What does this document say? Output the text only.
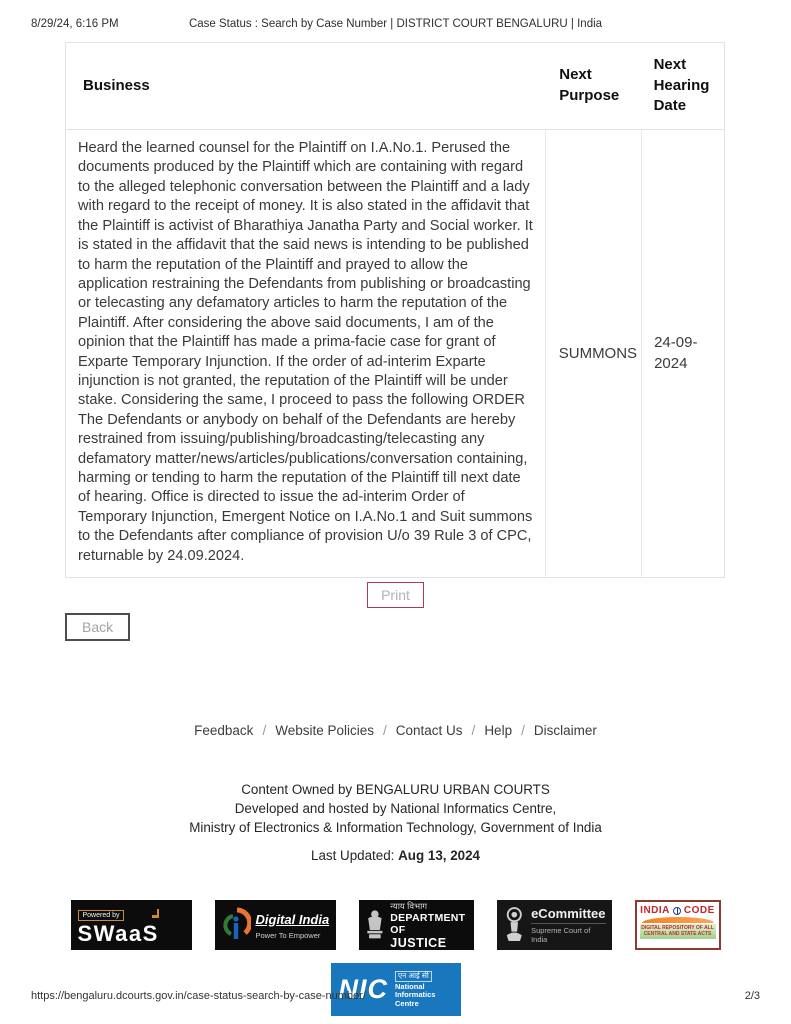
8/29/24, 6:16 PM	Case Status : Search by Case Number | DISTRICT COURT BENGALURU | India
Business	Next Purpose	Next Hearing Date
Heard the learned counsel for the Plaintiff on I.A.No.1. Perused the documents produced by the Plaintiff which are containing with regard to the alleged telephonic conversation between the Plaintiff and a lady with regard to the receipt of money. It is also stated in the affidavit that the Plaintiff is activist of Bharathiya Janatha Party and Social worker. It is stated in the affidavit that the said news is intending to be published to harm the reputation of the Plaintiff and prayed to allow the application restraining the Defendants from publishing or broadcasting or telecasting any defamatory articles to harm the reputation of the Plaintiff. After considering the above said documents, I am of the opinion that the Plaintiff has made a prima-facie case for grant of Exparte Temporary Injunction. If the order of ad-interim Exparte injunction is not granted, the reputation of the Plaintiff will be under stake. Considering the same, I proceed to pass the following ORDER The Defendants or anybody on behalf of the Defendants are hereby restrained from issuing/publishing/broadcasting/telecasting any defamatory matter/news/articles/publications/conversation containing, harming or tending to harm the reputation of the Plaintiff till next date of hearing. Office is directed to issue the ad-interim Order of Temporary Injunction, Emergent Notice on I.A.No.1 and Suit summons to the Defendants after compliance of provision U/o 39 Rule 3 of CPC, returnable by 24.09.2024.	SUMMONS	24-09-2024
Print
Back
Feedback / Website Policies / Contact Us / Help / Disclaimer
Content Owned by BENGALURU URBAN COURTS
Developed and hosted by National Informatics Centre,
Ministry of Electronics & Information Technology, Government of India
Last Updated: Aug 13, 2024
Powered by
SWaaS
Digital India
Power To Empower
न्याय विभाग
DEPARTMENT OF
JUSTICE
eCommittee
Supreme Court of India
INDIA CODE
DIGITAL REPOSITORY OF ALL
CENTRAL AND STATE ACTS
NIC	एन आई सी
National
Informatics
Centre
https://bengaluru.dcourts.gov.in/case-status-search-by-case-number/	2/3
